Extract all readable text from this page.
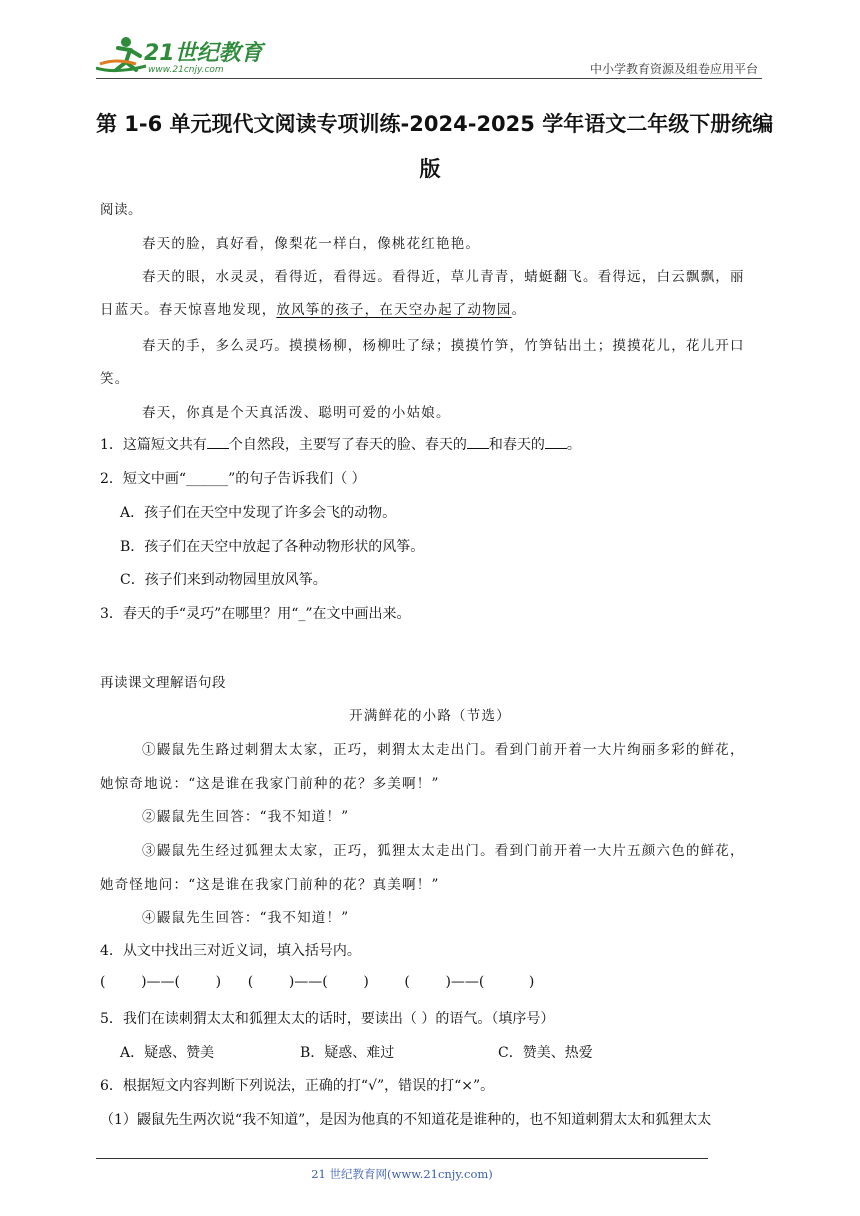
21世纪教育
www.21cnjy.com	中小学教育资源及组卷应用平台
第 1-6 单元现代文阅读专项训练-2024-2025 学年语文二年级下册统编
版
阅读。
春天的脸，真好看，像梨花一样白，像桃花红艳艳。
春天的眼，水灵灵，看得近，看得远。看得近，草儿青青，蜻蜓翻飞。看得远，白云飘飘，丽
日蓝天。春天惊喜地发现，放风筝的孩子，在天空办起了动物园。
春天的手，多么灵巧。摸摸杨柳，杨柳吐了绿；摸摸竹笋，竹笋钻出土；摸摸花儿，花儿开口
笑。
春天，你真是个天真活泼、聪明可爱的小姑娘。
1．这篇短文共有 个自然段，主要写了春天的脸、春天的 和春天的 。
2．短文中画“______”的句子告诉我们（ ）
A．孩子们在天空中发现了许多会飞的动物。
B．孩子们在天空中放起了各种动物形状的风筝。
C．孩子们来到动物园里放风筝。
3．春天的手“灵巧”在哪里？用“_”在文中画出来。
再读课文理解语句段
开满鲜花的小路（节选）
①鼹鼠先生路过刺猬太太家，正巧，刺猬太太走出门。看到门前开着一大片绚丽多彩的鲜花，
她惊奇地说：“这是谁在我家门前种的花？多美啊！”
②鼹鼠先生回答：“我不知道！”
③鼹鼠先生经过狐狸太太家，正巧，狐狸太太走出门。看到门前开着一大片五颜六色的鲜花，
她奇怪地问：“这是谁在我家门前种的花？真美啊！”
④鼹鼠先生回答：“我不知道！”
4．从文中找出三对近义词，填入括号内。
(        )——(        )      (        )——(        )        (        )——(          )
5．我们在读刺猬太太和狐狸太太的话时，要读出（ ）的语气。（填序号）
A．疑惑、赞美	B．疑惑、难过	C．赞美、热爱
6．根据短文内容判断下列说法，正确的打“√”，错误的打“×”。
（1）鼹鼠先生两次说“我不知道”，是因为他真的不知道花是谁种的，也不知道刺猬太太和狐狸太太
21 世纪教育网(www.21cnjy.com)
